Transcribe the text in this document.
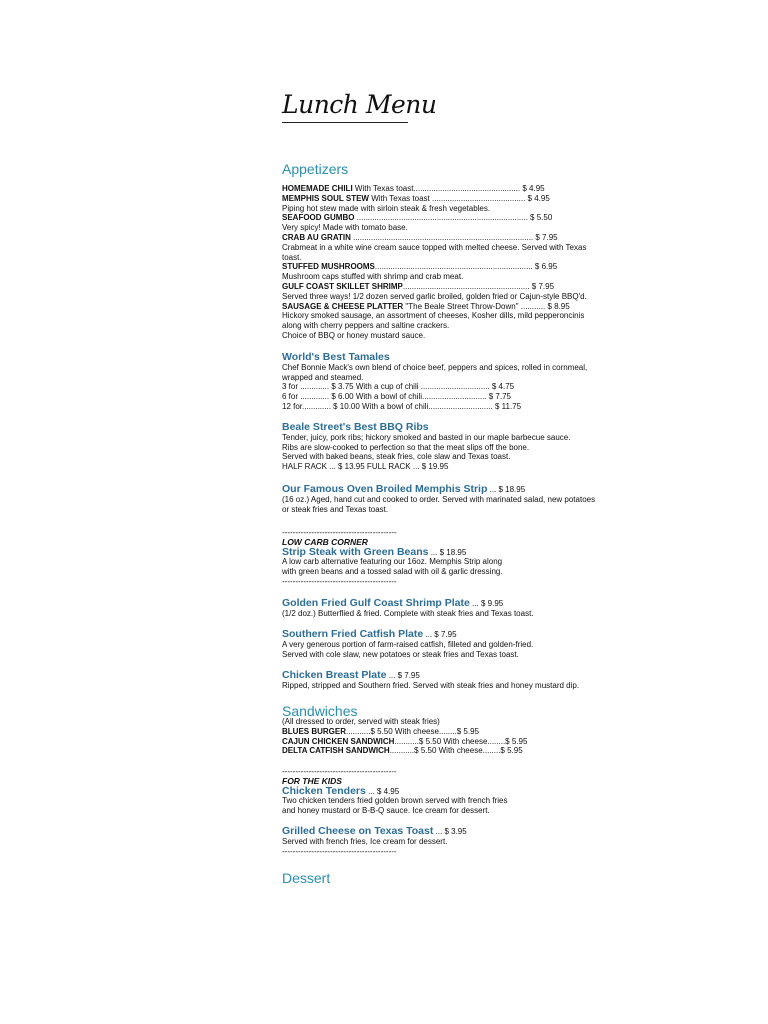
Lunch Menu
Appetizers
HOMEMADE CHILI With Texas toast................................................ $ 4.95
MEMPHIS SOUL STEW With Texas toast .......................................... $ 4.95
Piping hot stew made with sirloin steak & fresh vegetables.
SEAFOOD GUMBO ............................................................................. $ 5.50
Very spicy! Made with tomato base.
CRAB AU GRATIN ................................................................................. $ 7.95
Crabmeat in a white wine cream sauce topped with melted cheese. Served with Texas
toast.
STUFFED MUSHROOMS....................................................................... $ 6.95
Mushroom caps stuffed with shrimp and crab meat.
GULF COAST SKILLET SHRIMP......................................................... $ 7.95
Served three ways! 1/2 dozen served garlic broiled, golden fried or Cajun-style BBQ'd.
SAUSAGE & CHEESE PLATTER "The Beale Street Throw-Down" ........... $ 8.95
Hickory smoked sausage, an assortment of cheeses, Kosher dills, mild pepperoncinis
along with cherry peppers and saltine crackers.
Choice of BBQ or honey mustard sauce.
World's Best Tamales
Chef Bonnie Mack's own blend of choice beef, peppers and spices, rolled in cornmeal,
wrapped and steamed.
3 for ............. $ 3.75 With a cup of chili ............................... $ 4.75
6 for ............. $ 6.00 With a bowl of chili............................. $ 7.75
12 for............. $ 10.00 With a bowl of chili............................. $ 11.75
Beale Street's Best BBQ Ribs
Tender, juicy, pork ribs; hickory smoked and basted in our maple barbecue sauce.
Ribs are slow-cooked to perfection so that the meat slips off the bone.
Served with baked beans, steak fries, cole slaw and Texas toast.
HALF RACK ... $ 13.95 FULL RACK ... $ 19.95
Our Famous Oven Broiled Memphis Strip ... $ 18.95
(16 oz.) Aged, hand cut and cooked to order. Served with marinated salad, new potatoes
or steak fries and Texas toast.
-------------------------------------------
LOW CARB CORNER
Strip Steak with Green Beans ... $ 18.95
A low carb alternative featuring our 16oz. Memphis Strip along
with green beans and a tossed salad with oil & garlic dressing.
-------------------------------------------
Golden Fried Gulf Coast Shrimp Plate ... $ 9.95
(1/2 doz.) Butterflied & fried. Complete with steak fries and Texas toast.
Southern Fried Catfish Plate ... $ 7.95
A very generous portion of farm-raised catfish, filleted and golden-fried.
Served with cole slaw, new potatoes or steak fries and Texas toast.
Chicken Breast Plate ... $ 7.95
Ripped, stripped and Southern fried. Served with steak fries and honey mustard dip.
Sandwiches
(All dressed to order, served with steak fries)
BLUES BURGER...........$ 5.50 With cheese........$ 5.95
CAJUN CHICKEN SANDWICH...........$ 5.50 With cheese........$ 5.95
DELTA CATFISH SANDWICH...........$ 5.50 With cheese........$ 5.95
-------------------------------------------
FOR THE KIDS
Chicken Tenders ... $ 4.95
Two chicken tenders fried golden brown served with french fries
and honey mustard or B-B-Q sauce. Ice cream for dessert.
Grilled Cheese on Texas Toast ... $ 3.95
Served with french fries, Ice cream for dessert.
-------------------------------------------
Dessert
